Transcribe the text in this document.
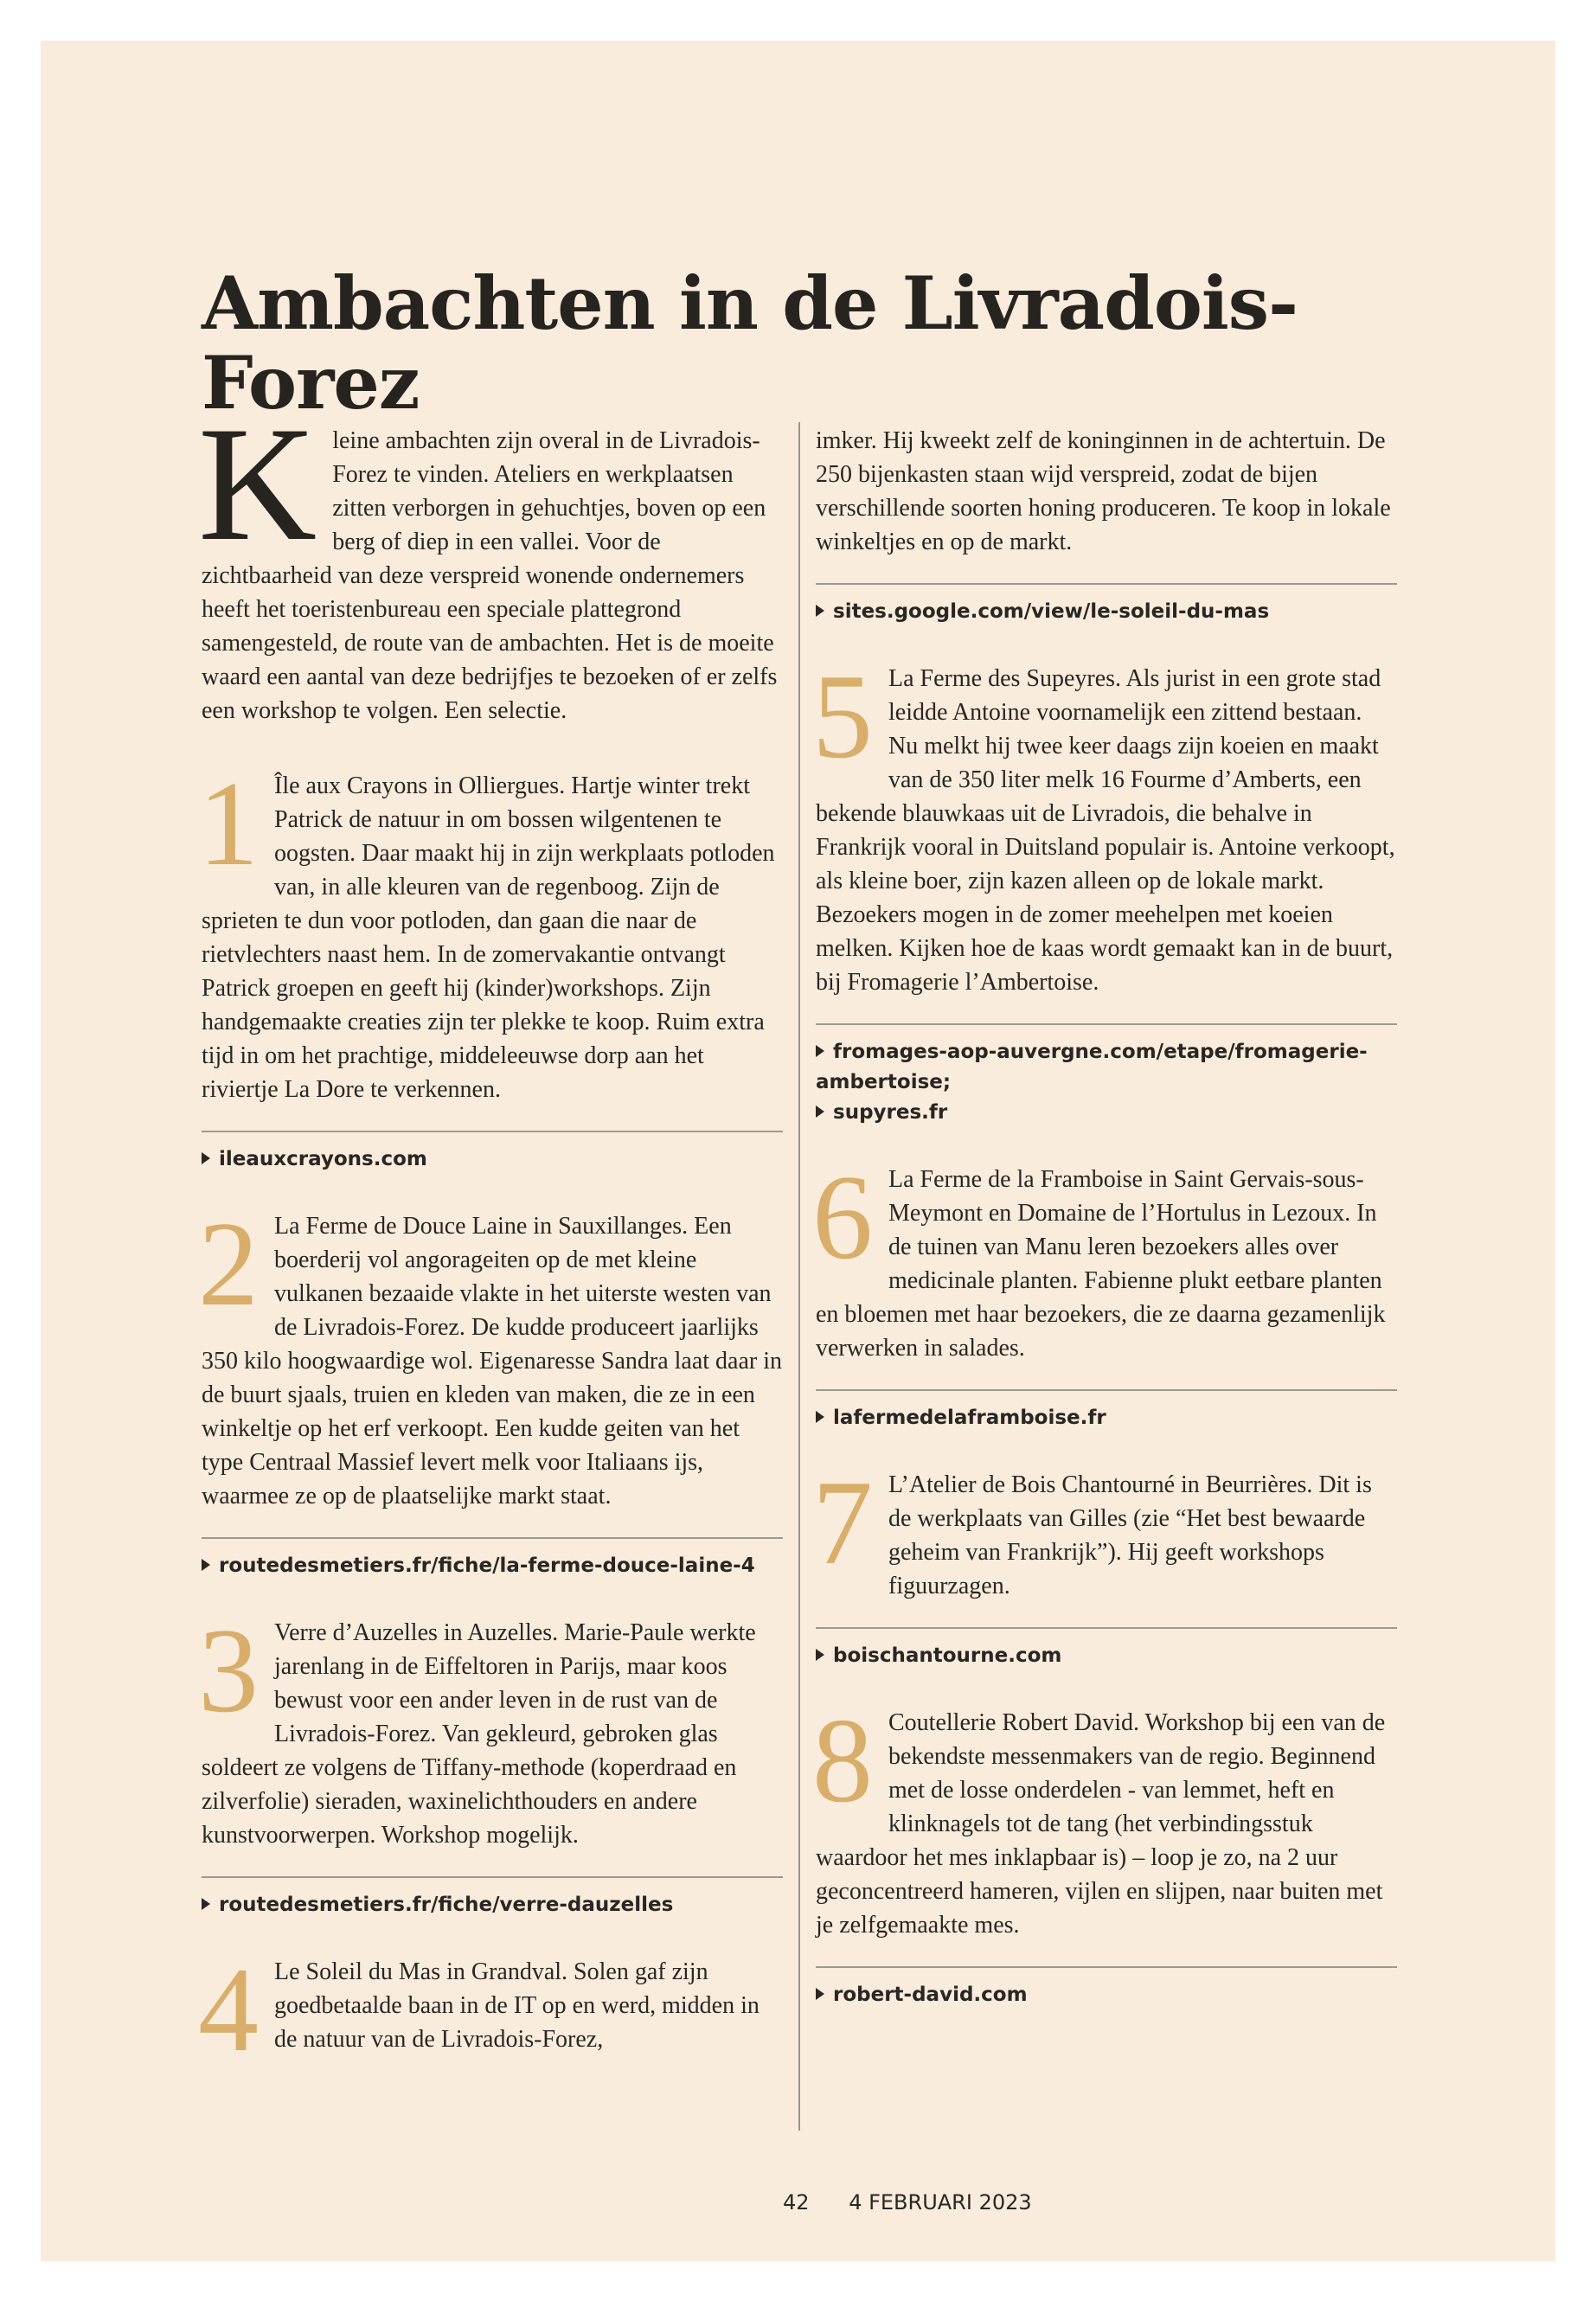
Ambachten in de Livradois-Forez
K leine ambachten zijn overal in de Livradois-Forez te vinden. Ateliers en werkplaatsen zitten verborgen in gehuchtjes, boven op een berg of diep in een vallei. Voor de zichtbaarheid van deze verspreid wonende ondernemers heeft het toeristenbureau een speciale plattegrond samengesteld, de route van de ambachten. Het is de moeite waard een aantal van deze bedrijfjes te bezoeken of er zelfs een workshop te volgen. Een selectie.

1 Île aux Crayons in Olliergues. Hartje winter trekt Patrick de natuur in om bossen wilgentenen te oogsten. Daar maakt hij in zijn werkplaats potloden van, in alle kleuren van de regenboog. Zijn de sprieten te dun voor potloden, dan gaan die naar de rietvlechters naast hem. In de zomervakantie ontvangt Patrick groepen en geeft hij (kinder)workshops. Zijn handgemaakte creaties zijn ter plekke te koop. Ruim extra tijd in om het prachtige, middeleeuwse dorp aan het riviertje La Dore te verkennen.

ileauxcrayons.com
2 La Ferme de Douce Laine in Sauxillanges. Een boerderij vol angorageiten op de met kleine vulkanen bezaaide vlakte in het uiterste westen van de Livradois-Forez. De kudde produceert jaarlijks 350 kilo hoogwaardige wol. Eigenaresse Sandra laat daar in de buurt sjaals, truien en kleden van maken, die ze in een winkeltje op het erf verkoopt. Een kudde geiten van het type Centraal Massief levert melk voor Italiaans ijs, waarmee ze op de plaatselijke markt staat.

routedesmetiers.fr/fiche/la-ferme-douce-laine-4
3 Verre d’Auzelles in Auzelles. Marie-Paule werkte jarenlang in de Eiffeltoren in Parijs, maar koos bewust voor een ander leven in de rust van de Livradois-Forez. Van gekleurd, gebroken glas soldeert ze volgens de Tiffany-methode (koperdraad en zilverfolie) sieraden, waxinelichthouders en andere kunstvoorwerpen. Workshop mogelijk.

routedesmetiers.fr/fiche/verre-dauzelles
4 Le Soleil du Mas in Grandval. Solen gaf zijn goedbetaalde baan in de IT op en werd, midden in de natuur van de Livradois-Forez,

imker. Hij kweekt zelf de koninginnen in de achtertuin. De 250 bijenkasten staan wijd verspreid, zodat de bijen verschillende soorten honing produceren. Te koop in lokale winkeltjes en op de markt.

sites.google.com/view/le-soleil-du-mas
5 La Ferme des Supeyres. Als jurist in een grote stad leidde Antoine voornamelijk een zittend bestaan. Nu melkt hij twee keer daags zijn koeien en maakt van de 350 liter melk 16 Fourme d’Amberts, een bekende blauwkaas uit de Livradois, die behalve in Frankrijk vooral in Duitsland populair is. Antoine verkoopt, als kleine boer, zijn kazen alleen op de lokale markt. Bezoekers mogen in de zomer meehelpen met koeien melken. Kijken hoe de kaas wordt gemaakt kan in de buurt, bij Fromagerie l’Ambertoise.

fromages-aop-auvergne.com/etape/fromagerie-ambertoise;
supyres.fr
6 La Ferme de la Framboise in Saint Gervais-sous-Meymont en Domaine de l’Hortulus in Lezoux. In de tuinen van Manu leren bezoekers alles over medicinale planten. Fabienne plukt eetbare planten en bloemen met haar bezoekers, die ze daarna gezamenlijk verwerken in salades.

lafermedelaframboise.fr
7 L’Atelier de Bois Chantourné in Beurrières. Dit is de werkplaats van Gilles (zie “Het best bewaarde geheim van Frankrijk”). Hij geeft workshops figuurzagen.

boischantourne.com
8 Coutellerie Robert David. Workshop bij een van de bekendste messenmakers van de regio. Beginnend met de losse onderdelen - van lemmet, heft en klinknagels tot de tang (het verbindingsstuk waardoor het mes inklapbaar is) – loop je zo, na 2 uur geconcentreerd hameren, vijlen en slijpen, naar buiten met je zelfgemaakte mes.

robert-david.com
42 4 FEBRUARI 2023
